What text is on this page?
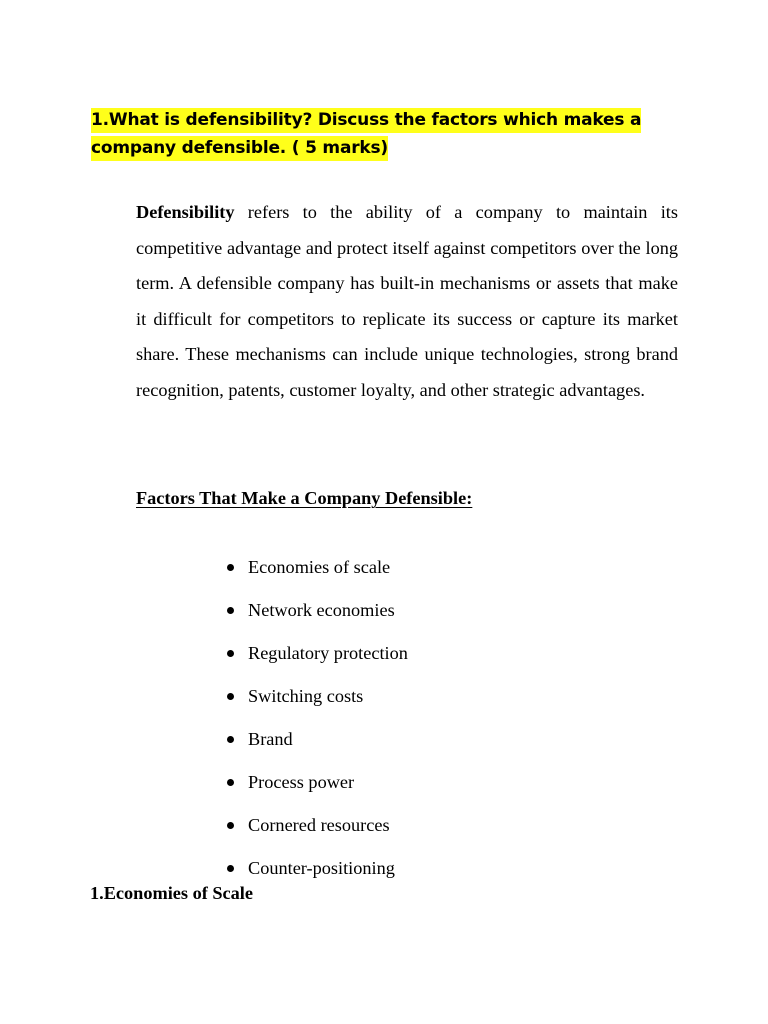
1.What is defensibility? Discuss the factors which makes a company defensible. ( 5 marks)

Defensibility refers to the ability of a company to maintain its competitive advantage and protect itself against competitors over the long term. A defensible company has built-in mechanisms or assets that make it difficult for competitors to replicate its success or capture its market share. These mechanisms can include unique technologies, strong brand recognition, patents, customer loyalty, and other strategic advantages.

Factors That Make a Company Defensible:
Economies of scale
Network economies
Regulatory protection
Switching costs
Brand
Process power
Cornered resources
Counter-positioning
1.Economies of Scale
